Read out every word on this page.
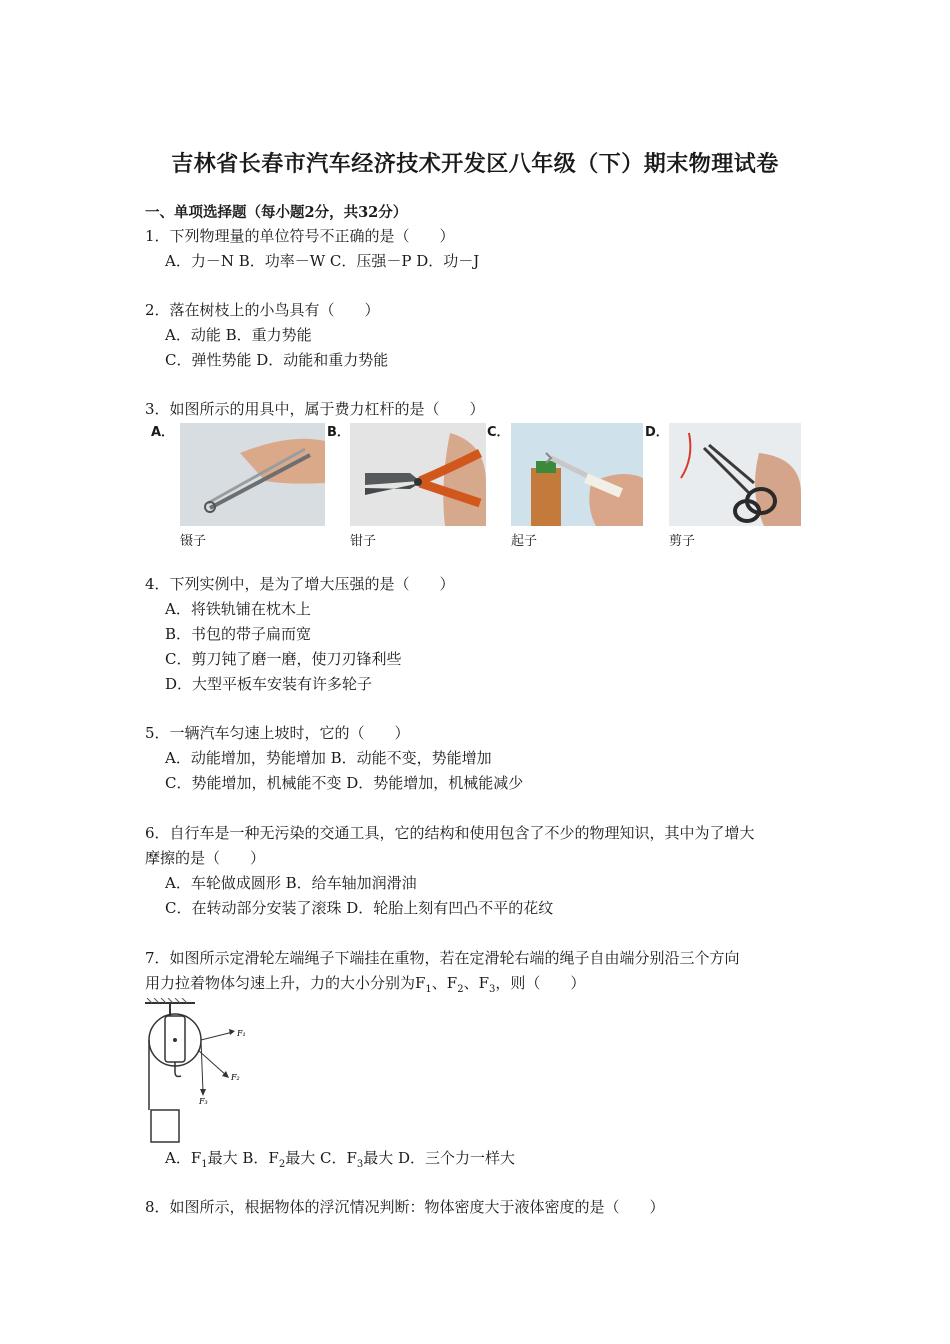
吉林省长春市汽车经济技术开发区八年级（下）期末物理试卷
一、单项选择题（每小题2分，共32分）
1．下列物理量的单位符号不正确的是（　　）
A．力－N B．功率－W C．压强－P D．功－J
2．落在树枝上的小鸟具有（　　）
A．动能 B．重力势能
C．弹性势能 D．动能和重力势能
3．如图所示的用具中，属于费力杠杆的是（　　）
A．
镊子
B．
钳子
C．
起子
D．
剪子
4．下列实例中，是为了增大压强的是（　　）
A．将铁轨铺在枕木上
B．书包的带子扁而宽
C．剪刀钝了磨一磨，使刀刃锋利些
D．大型平板车安装有许多轮子
5．一辆汽车匀速上坡时，它的（　　）
A．动能增加，势能增加 B．动能不变，势能增加
C．势能增加，机械能不变 D．势能增加，机械能减少
6．自行车是一种无污染的交通工具，它的结构和使用包含了不少的物理知识，其中为了增大
摩擦的是（　　）
A．车轮做成圆形 B．给车轴加润滑油
C．在转动部分安装了滚珠 D．轮胎上刻有凹凸不平的花纹
7．如图所示定滑轮左端绳子下端挂在重物，若在定滑轮右端的绳子自由端分别沿三个方向
用力拉着物体匀速上升，力的大小分别为$F_1$、$F_2$、$F_3$，则（　　）
F₁
F₂
F₃
A．$F_1$最大 B．$F_2$最大 C．$F_3$最大 D．三个力一样大
8．如图所示，根据物体的浮沉情况判断：物体密度大于液体密度的是（　　）
